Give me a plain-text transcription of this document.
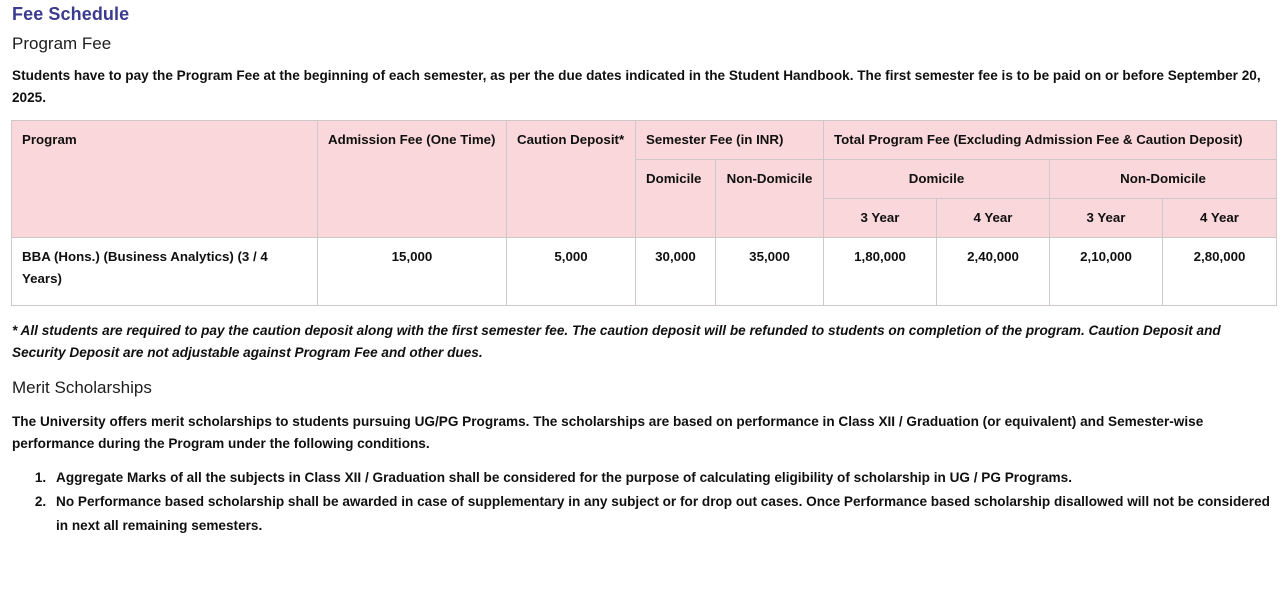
Fee Schedule
Program Fee

Students have to pay the Program Fee at the beginning of each semester, as per the due dates indicated in the Student Handbook. The first semester fee is to be paid on or before September 20, 2025.

Program	Admission Fee (One Time)	Caution Deposit*	Semester Fee (in INR)		Total Program Fee (Excluding Admission Fee & Caution Deposit)			
			Domicile	Non-Domicile	Domicile		Non-Domicile	
					3 Year	4 Year	3 Year	4 Year
BBA (Hons.) (Business Analytics) (3 / 4 Years)	15,000	5,000	30,000	35,000	1,80,000	2,40,000	2,10,000	2,80,000

* All students are required to pay the caution deposit along with the first semester fee. The caution deposit will be refunded to students on completion of the program. Caution Deposit and Security Deposit are not adjustable against Program Fee and other dues.

Merit Scholarships

The University offers merit scholarships to students pursuing UG/PG Programs. The scholarships are based on performance in Class XII / Graduation (or equivalent) and Semester-wise performance during the Program under the following conditions.

1. Aggregate Marks of all the subjects in Class XII / Graduation shall be considered for the purpose of calculating eligibility of scholarship in UG / PG Programs.
2. No Performance based scholarship shall be awarded in case of supplementary in any subject or for drop out cases. Once Performance based scholarship disallowed will not be considered in next all remaining semesters.
